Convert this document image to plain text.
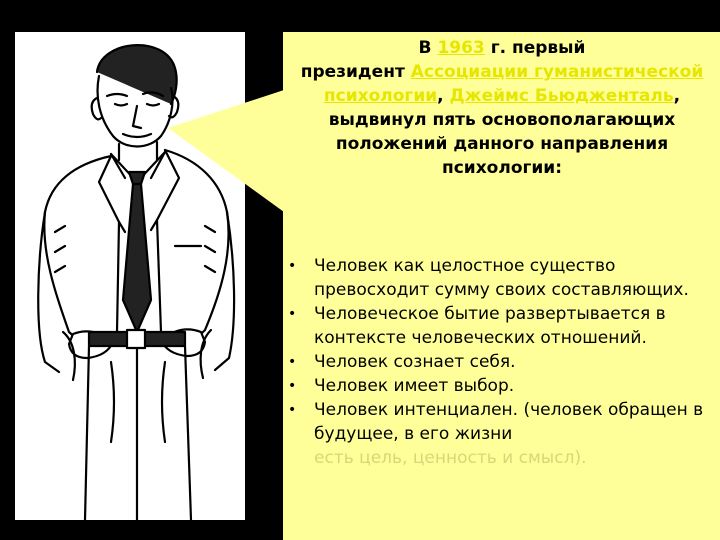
В 1963 г. первый
президент Ассоциации гуманистической психологии, Джеймс Бьюдженталь, выдвинул пять основополагающих положений данного направления психологии:
• Человек как целостное существо превосходит сумму своих составляющих.
• Человеческое бытие развертывается в контексте человеческих отношений.
• Человек сознает себя.
• Человек имеет выбор.
• Человек интенциален. (человек обращен в будущее, в его жизни
есть цель, ценность и смысл).
